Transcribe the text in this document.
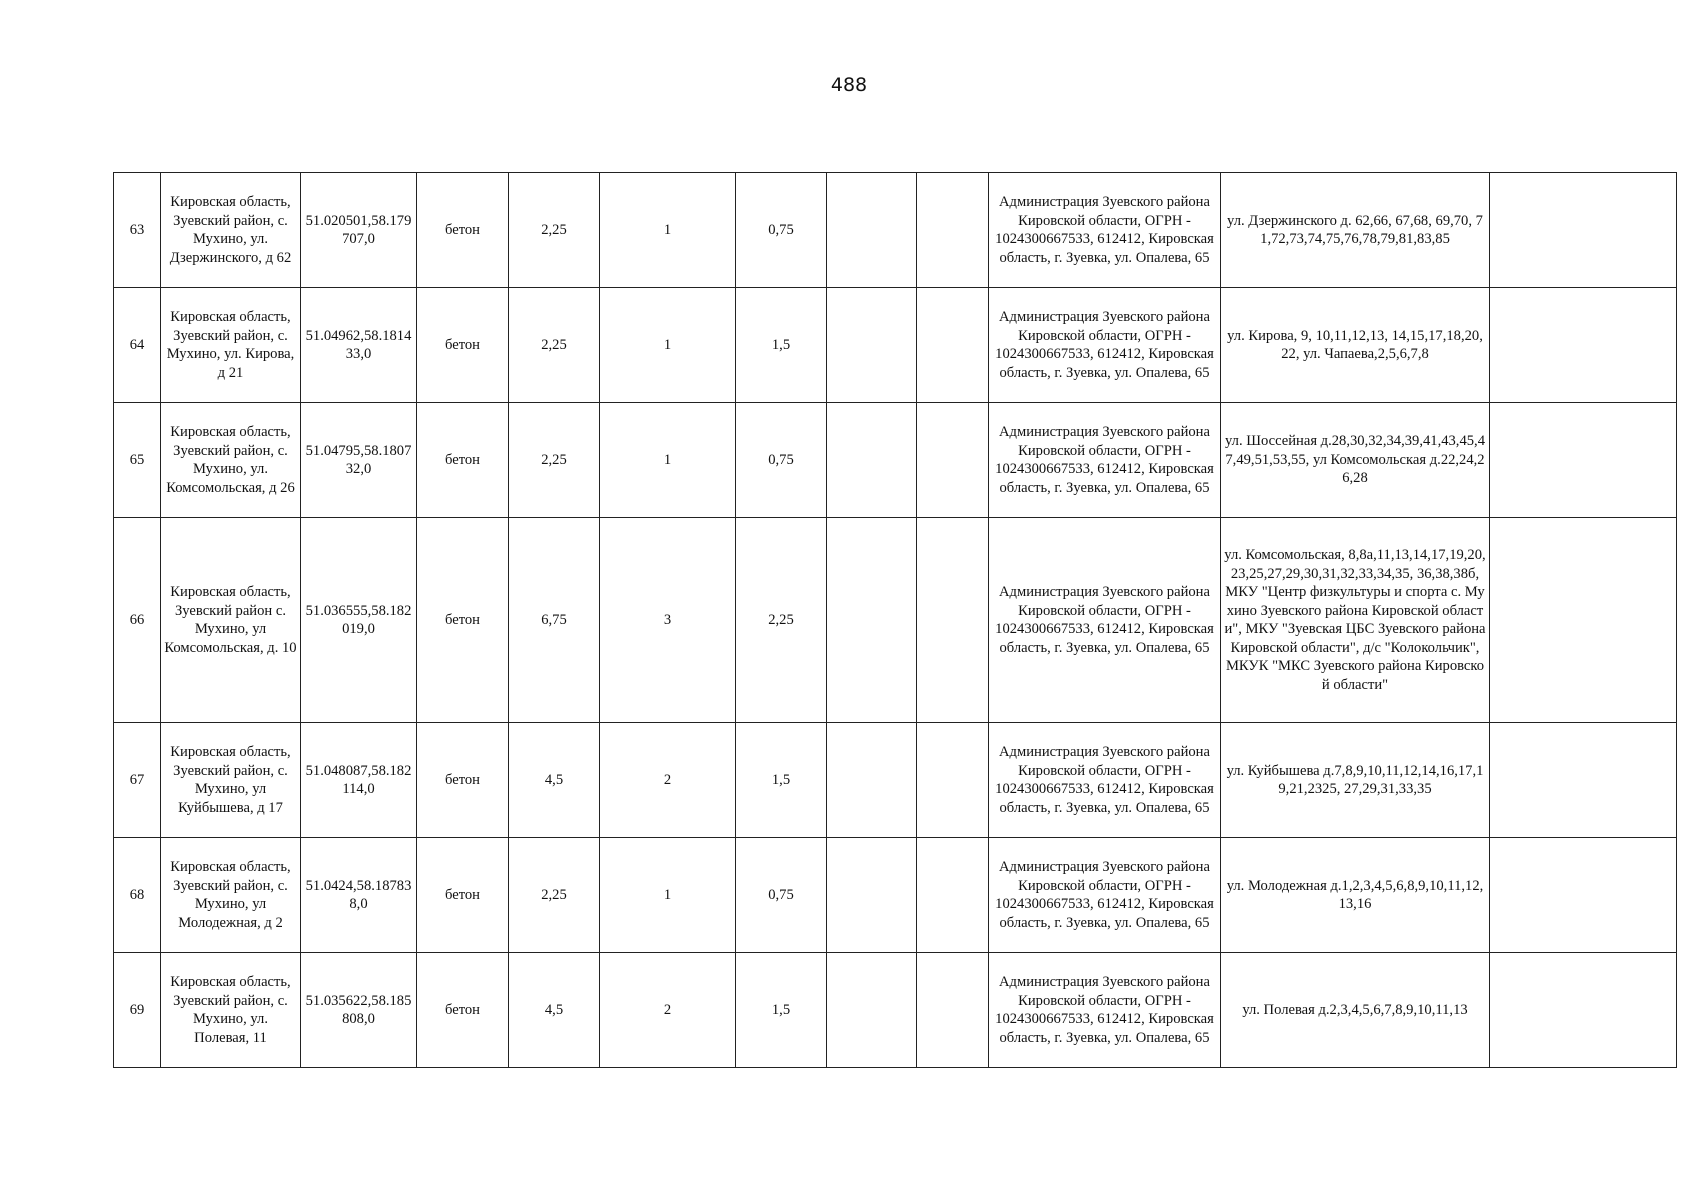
488
63	Кировская область, Зуевский район, с. Мухино, ул. Дзержинского, д 62	51.020501,58.179707,0	бетон	2,25	1	0,75			Администрация Зуевского района Кировской области, ОГРН - 1024300667533, 612412, Кировская область, г. Зуевка, ул. Опалева, 65	ул. Дзержинского д. 62,66, 67,68, 69,70, 71,72,73,74,75,76,78,79,81,83,85	
64	Кировская область, Зуевский район, с. Мухино, ул. Кирова, д 21	51.04962,58.181433,0	бетон	2,25	1	1,5			Администрация Зуевского района Кировской области, ОГРН - 1024300667533, 612412, Кировская область, г. Зуевка, ул. Опалева, 65	ул. Кирова, 9, 10,11,12,13, 14,15,17,18,20,22, ул. Чапаева,2,5,6,7,8	
65	Кировская область, Зуевский район, с. Мухино, ул. Комсомольская, д 26	51.04795,58.180732,0	бетон	2,25	1	0,75			Администрация Зуевского района Кировской области, ОГРН - 1024300667533, 612412, Кировская область, г. Зуевка, ул. Опалева, 65	ул. Шоссейная д.28,30,32,34,39,41,43,45,47,49,51,53,55, ул Комсомольская д.22,24,26,28	
66	Кировская область, Зуевский район с. Мухино, ул Комсомольская, д. 10	51.036555,58.182019,0	бетон	6,75	3	2,25			Администрация Зуевского района Кировской области, ОГРН - 1024300667533, 612412, Кировская область, г. Зуевка, ул. Опалева, 65	ул. Комсомольская, 8,8а,11,13,14,17,19,20,23,25,27,29,30,31,32,33,34,35, 36,38,38б, МКУ "Центр физкультуры и спорта с. Мухино Зуевского района Кировской области", МКУ "Зуевская ЦБС Зуевского района Кировской области", д/с "Колокольчик", МКУК "МКС Зуевского района Кировской области"	
67	Кировская область, Зуевский район, с. Мухино, ул Куйбышева, д 17	51.048087,58.182114,0	бетон	4,5	2	1,5			Администрация Зуевского района Кировской области, ОГРН - 1024300667533, 612412, Кировская область, г. Зуевка, ул. Опалева, 65	ул. Куйбышева д.7,8,9,10,11,12,14,16,17,19,21,2325, 27,29,31,33,35	
68	Кировская область, Зуевский район, с. Мухино, ул Молодежная, д 2	51.0424,58.187838,0	бетон	2,25	1	0,75			Администрация Зуевского района Кировской области, ОГРН - 1024300667533, 612412, Кировская область, г. Зуевка, ул. Опалева, 65	ул. Молодежная д.1,2,3,4,5,6,8,9,10,11,12,13,16	
69	Кировская область, Зуевский район, с. Мухино, ул. Полевая, 11	51.035622,58.185808,0	бетон	4,5	2	1,5			Администрация Зуевского района Кировской области, ОГРН - 1024300667533, 612412, Кировская область, г. Зуевка, ул. Опалева, 65	ул. Полевая д.2,3,4,5,6,7,8,9,10,11,13	
